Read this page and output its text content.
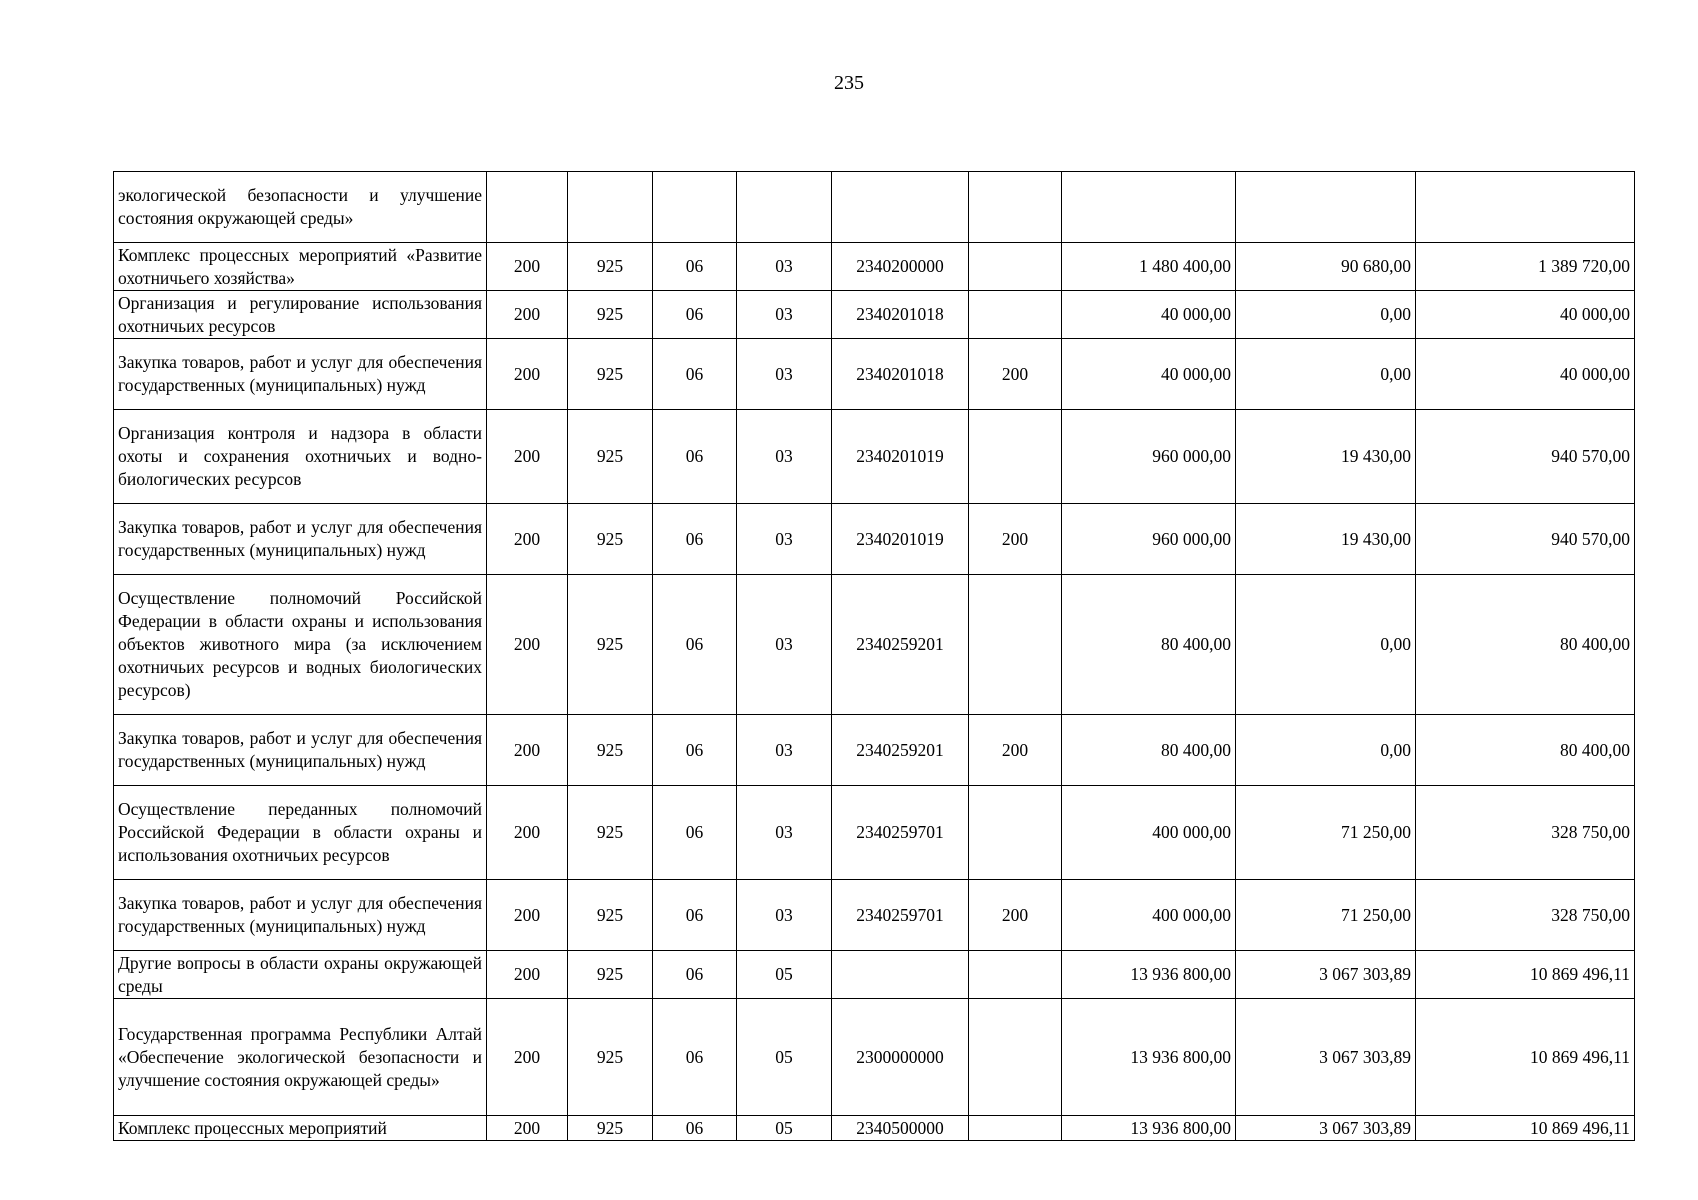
235
экологической безопасности и улучшение состояния окружающей среды»									
Комплекс процессных мероприятий «Развитие охотничьего хозяйства»	200	925	06	03	2340200000		1 480 400,00	90 680,00	1 389 720,00
Организация и регулирование использования охотничьих ресурсов	200	925	06	03	2340201018		40 000,00	0,00	40 000,00
Закупка товаров, работ и услуг для обеспечения государственных (муниципальных) нужд	200	925	06	03	2340201018	200	40 000,00	0,00	40 000,00
Организация контроля и надзора в области охоты и сохранения охотничьих и водно-биологических ресурсов	200	925	06	03	2340201019		960 000,00	19 430,00	940 570,00
Закупка товаров, работ и услуг для обеспечения государственных (муниципальных) нужд	200	925	06	03	2340201019	200	960 000,00	19 430,00	940 570,00
Осуществление полномочий Российской Федерации в области охраны и использования объектов животного мира (за исключением охотничьих ресурсов и водных биологических ресурсов)	200	925	06	03	2340259201		80 400,00	0,00	80 400,00
Закупка товаров, работ и услуг для обеспечения государственных (муниципальных) нужд	200	925	06	03	2340259201	200	80 400,00	0,00	80 400,00
Осуществление переданных полномочий Российской Федерации в области охраны и использования охотничьих ресурсов	200	925	06	03	2340259701		400 000,00	71 250,00	328 750,00
Закупка товаров, работ и услуг для обеспечения государственных (муниципальных) нужд	200	925	06	03	2340259701	200	400 000,00	71 250,00	328 750,00
Другие вопросы в области охраны окружающей среды	200	925	06	05			13 936 800,00	3 067 303,89	10 869 496,11
Государственная программа Республики Алтай «Обеспечение экологической безопасности и улучшение состояния окружающей среды»	200	925	06	05	2300000000		13 936 800,00	3 067 303,89	10 869 496,11
Комплекс процессных мероприятий	200	925	06	05	2340500000		13 936 800,00	3 067 303,89	10 869 496,11
